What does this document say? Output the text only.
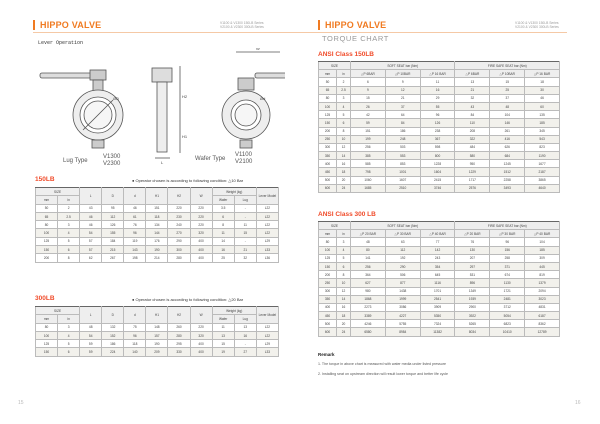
HIPPO VALVE	V1100 & V1300 150LB Series
V2100 & V2300 300LB Series
Lever Operation
ØD	Ød
W
H2
H1
L
Lug Type
V1300
V2300
Wafer Type
V1100
V2100
150LB	● Operator chosen is according to following condition: △10 Bar
SIZE		L	D	d	H1	H2	W	Weight (kg)		Lever Model
mm	in							Wafer	Lug	
50	2	43	95	46	151	220	220	3.5	-	L22
65	2.5	46	112	61	118	230	220	6	-	L22
80	3	46	126	76	134	240	220	8	11	L22
100	4	54	155	96	144	270	320	11	15	L22
125	5	57	184	119	176	290	400	14	-	L29
150	6	57	215	143	190	300	400	16	21	L33
200	8	62	267	198	214	280	400	25	32	L36
300LB	● Operator chosen is according to following condition: △20 Bar
SIZE		L	D	d	H1	H2	W	Weight (kg)		Lever Model
mm	in							Wafer	Lug	
80	3	48	132	75	148	260	220	11	13	L22
100	4	54	152	96	157	280	320	13	16	L22
125	5	59	186	118	190	295	400	15	-	L29
150	6	59	224	140	209	330	400	19	27	L33
15
HIPPO VALVE	V1100 & V1300 150LB Series
V2100 & V2300 300LB Series
TORQUE CHART
ANSI Class 150LB
SIZE		SOFT SEAT bar (Nm)			FIRE SAFE SEAT bar (Nm)		
mm	in	△P 6BAR	△P 10BAR	△P 16 BAR	△P 6BAR	△P 10BAR	△P 16 BAR
50	2	6	9	11	13	15	18
65	2.5	9	12	16	21	25	30
80	3	15	21	29	32	37	46
100	4	26	37	55	43	48	60
125	5	42	64	96	84	104	135
150	6	59	84	126	110	146	185
200	8	151	186	238	208	261	345
250	10	199	248	367	322	416	543
300	12	256	503	598	484	626	823
350	14	385	553	800	580	684	1190
400	16	585	853	1228	950	1245	1677
450	18	798	1001	1604	1229	1512	2187
500	20	1060	1607	2415	1717	2258	3865
600	24	1685	2510	3746	2576	3493	4640
ANSI Class 300 LB
SIZE		SOFT SEAT bar (Nm)			FIRE SAFE SEAT bar (Nm)		
mm	in	△P 20 BAR	△P 30 BAR	△P 40 BAR	△P 20 BAR	△P 30 BAR	△P 40 BAR
80	3	48	63	77	76	96	104
100	4	80	112	142	130	156	185
125	5	141	192	243	207	258	309
150	6	256	290	354	297	371	445
200	8	364	506	645	531	674	819
250	10	627	877	1116	896	1130	1379
300	12	980	1438	1701	1349	1721	2094
350	14	1868	1999	2541	1939	2481	3023
400	16	2273	3086	3909	2900	3712	4831
450	18	3389	4227	5350	3922	5054	6187
500	20	4246	5755	7324	5265	6823	8362
600	24	6580	8984	11382	8034	10410	12789
Remark
1. The torque in above chart is measured with water media under listed pressure
2. Installing seat on upstream direction will result lower torque and better life cycle
16
